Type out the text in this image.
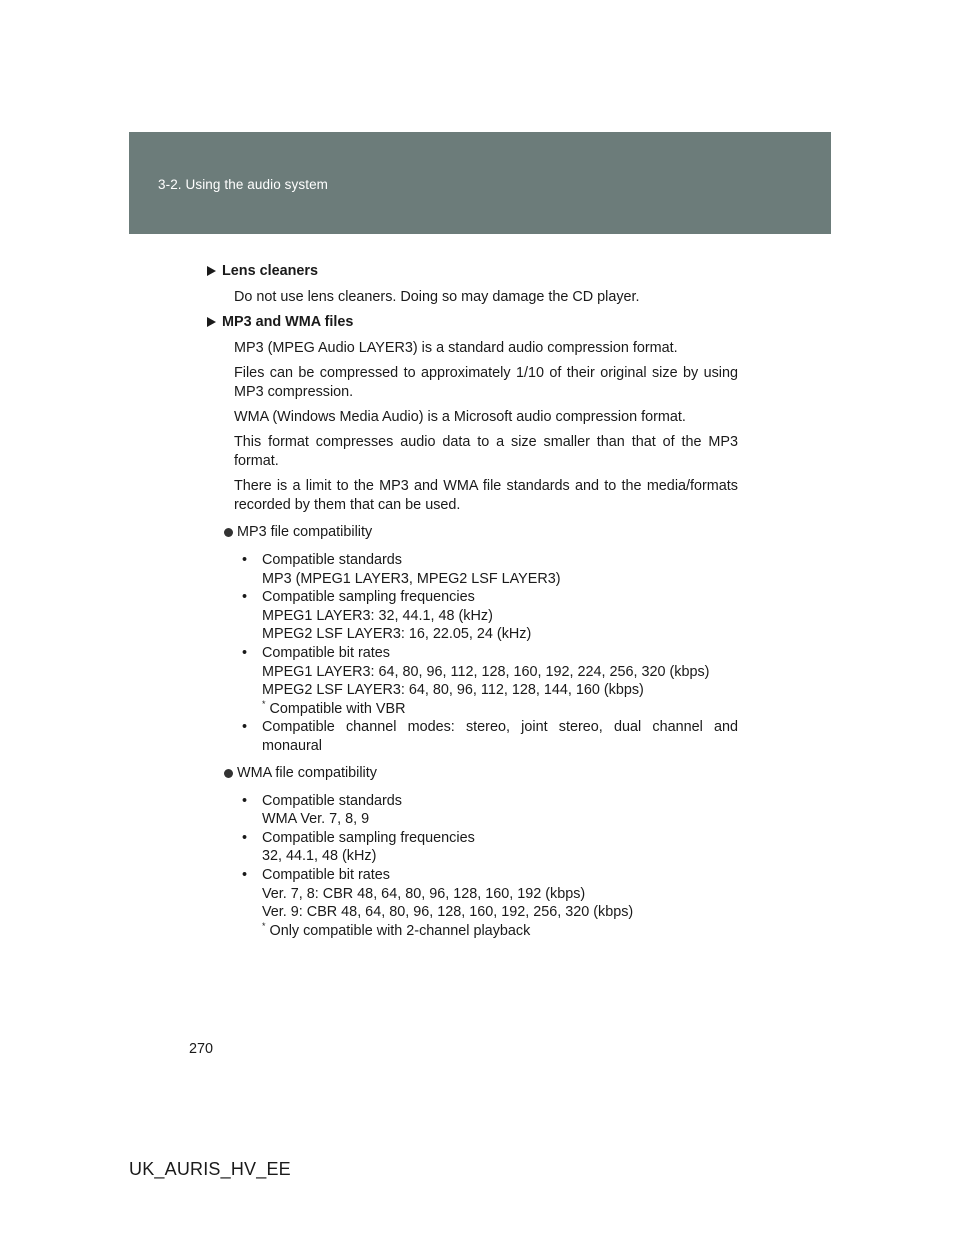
3-2. Using the audio system
Lens cleaners

Do not use lens cleaners. Doing so may damage the CD player.

MP3 and WMA files

MP3 (MPEG Audio LAYER3) is a standard audio compression format.

Files can be compressed to approximately 1/10 of their original size by using MP3 compression.

WMA (Windows Media Audio) is a Microsoft audio compression format.

This format compresses audio data to a size smaller than that of the MP3 format.

There is a limit to the MP3 and WMA file standards and to the media/formats recorded by them that can be used.

MP3 file compatibility
• Compatible standards
MP3 (MPEG1 LAYER3, MPEG2 LSF LAYER3)
• Compatible sampling frequencies
MPEG1 LAYER3: 32, 44.1, 48 (kHz)
MPEG2 LSF LAYER3: 16, 22.05, 24 (kHz)
• Compatible bit rates
MPEG1 LAYER3: 64, 80, 96, 112, 128, 160, 192, 224, 256, 320 (kbps)
MPEG2 LSF LAYER3: 64, 80, 96, 112, 128, 144, 160 (kbps)
* Compatible with VBR
• Compatible channel modes: stereo, joint stereo, dual channel and monaural
WMA file compatibility
• Compatible standards
WMA Ver. 7, 8, 9
• Compatible sampling frequencies
32, 44.1, 48 (kHz)
• Compatible bit rates
Ver. 7, 8: CBR 48, 64, 80, 96, 128, 160, 192 (kbps)
Ver. 9: CBR 48, 64, 80, 96, 128, 160, 192, 256, 320 (kbps)
* Only compatible with 2-channel playback
270
UK_AURIS_HV_EE
